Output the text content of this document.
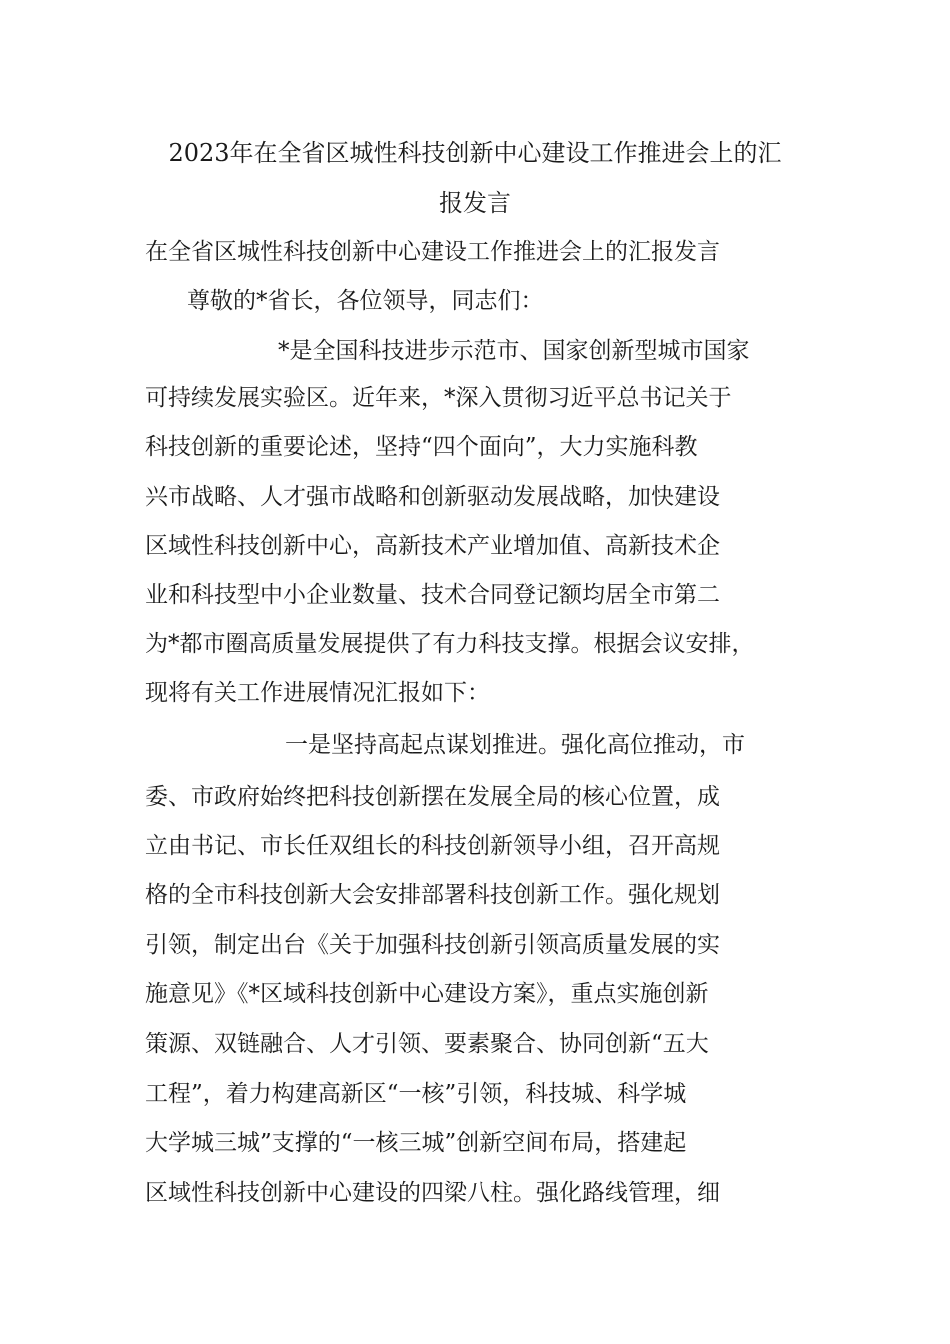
2023年在全省区城性科技创新中心建设工作推进会上的汇
报发言

在全省区城性科技创新中心建设工作推进会上的汇报发言

尊敬的*省长，各位领导，同志们：

*是全国科技进步示范市、国家创新型城市国家

可持续发展实验区。近年来，*深入贯彻习近平总书记关于

科技创新的重要论述，坚持“四个面向”，大力实施科教

兴市战略、人才强市战略和创新驱动发展战略，加快建设

区域性科技创新中心，高新技术产业增加值、高新技术企

业和科技型中小企业数量、技术合同登记额均居全市第二

为*都市圈高质量发展提供了有力科技支撑。根据会议安排，

现将有关工作进展情况汇报如下：

一是坚持高起点谋划推进。强化高位推动，市

委、市政府始终把科技创新摆在发展全局的核心位置，成

立由书记、市长任双组长的科技创新领导小组，召开高规

格的全市科技创新大会安排部署科技创新工作。强化规划

引领，制定出台《关于加强科技创新引领高质量发展的实

施意见》《*区域科技创新中心建设方案》，重点实施创新

策源、双链融合、人才引领、要素聚合、协同创新“五大

工程”，着力构建高新区“一核”引领，科技城、科学城

大学城三城”支撑的“一核三城”创新空间布局，搭建起

区域性科技创新中心建设的四梁八柱。强化路线管理，细
